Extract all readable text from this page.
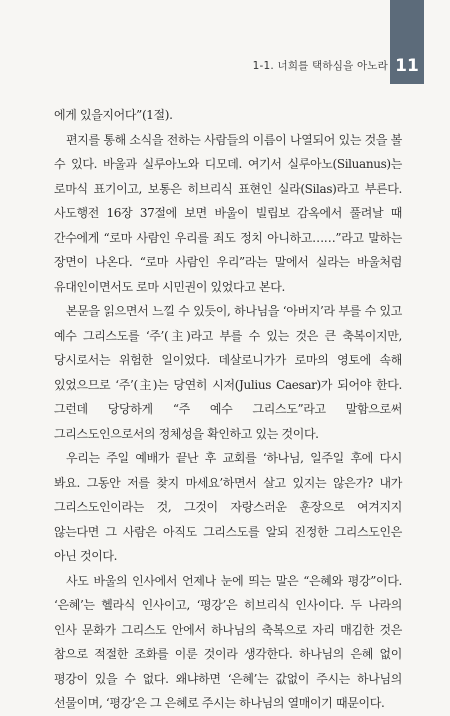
1-1. 너희를 택하심을 아노라 11

에게 있을지어다”(1절).

편지를 통해 소식을 전하는 사람들의 이름이 나열되어 있는 것을 볼 수 있다. 바울과 실루아노와 디모데. 여기서 실루아노(Siluanus)는 로마식 표기이고, 보통은 히브리식 표현인 실라(Silas)라고 부른다. 사도행전 16장 37절에 보면 바울이 빌립보 감옥에서 풀려날 때 간수에게 “로마 사람인 우리를 죄도 정치 아니하고……”라고 말하는 장면이 나온다. “로마 사람인 우리”라는 말에서 실라는 바울처럼 유대인이면서도 로마 시민권이 있었다고 본다.

본문을 읽으면서 느낄 수 있듯이, 하나님을 ‘아버지’라 부를 수 있고 예수 그리스도를 ‘주’(主)라고 부를 수 있는 것은 큰 축복이지만, 당시로서는 위험한 일이었다. 데살로니가가 로마의 영토에 속해 있었으므로 ‘주’(主)는 당연히 시저(Julius Caesar)가 되어야 한다. 그런데 당당하게 “주 예수 그리스도”라고 말함으로써 그리스도인으로서의 정체성을 확인하고 있는 것이다.

우리는 주일 예배가 끝난 후 교회를 ‘하나님, 일주일 후에 다시 봐요. 그동안 저를 찾지 마세요’하면서 살고 있지는 않은가? 내가 그리스도인이라는 것, 그것이 자랑스러운 훈장으로 여겨지지 않는다면 그 사람은 아직도 그리스도를 알되 진정한 그리스도인은 아닌 것이다.

사도 바울의 인사에서 언제나 눈에 띄는 말은 “은혜와 평강”이다. ‘은혜’는 헬라식 인사이고, ‘평강’은 히브리식 인사이다. 두 나라의 인사 문화가 그리스도 안에서 하나님의 축복으로 자리 매김한 것은 참으로 적절한 조화를 이룬 것이라 생각한다. 하나님의 은혜 없이 평강이 있을 수 없다. 왜냐하면 ‘은혜’는 값없이 주시는 하나님의 선물이며, ‘평강’은 그 은혜로 주시는 하나님의 열매이기 때문이다.
